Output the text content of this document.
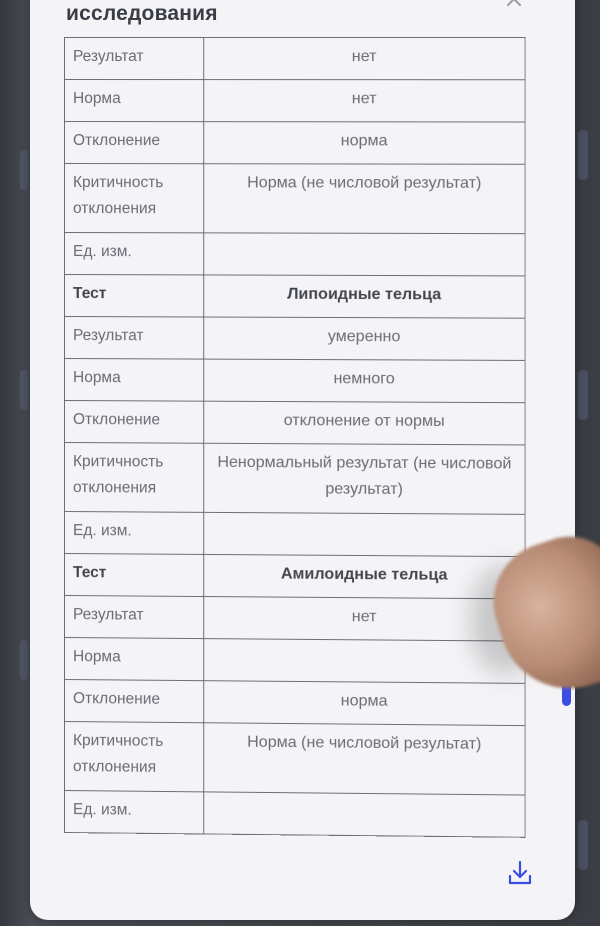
исследования
Результат	нет
Норма	нет
Отклонение	норма
Критичность отклонения	Норма (не числовой результат)
Ед. изм.	
Тест	Липоидные тельца
Результат	умеренно
Норма	немного
Отклонение	отклонение от нормы
Критичность отклонения	Ненормальный результат (не числовой результат)
Ед. изм.	
Тест	Амилоидные тельца
Результат	нет
Норма	
Отклонение	норма
Критичность отклонения	Норма (не числовой результат)
Ед. изм.	
